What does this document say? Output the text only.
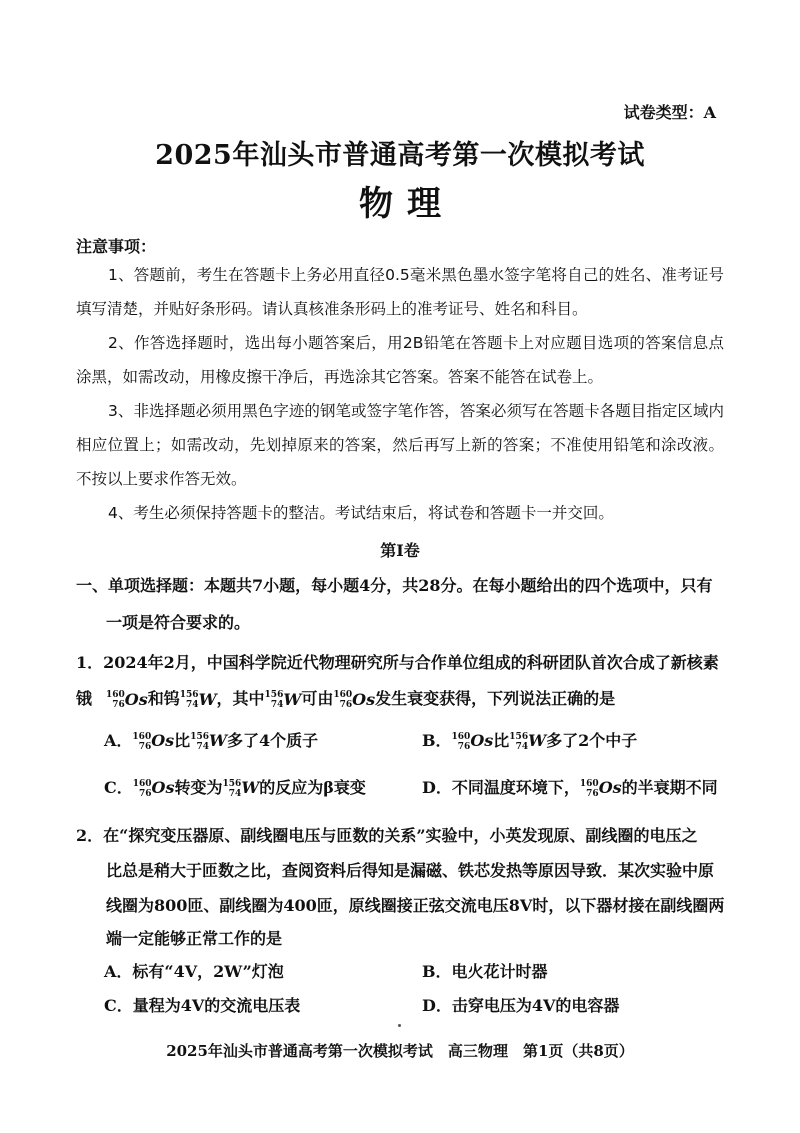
试卷类型：A
2025年汕头市普通高考第一次模拟考试
物理
注意事项：
1、答题前，考生在答题卡上务必用直径0.5毫米黑色墨水签字笔将自己的姓名、准考证号填写清楚，并贴好条形码。请认真核准条形码上的准考证号、姓名和科目。
2、作答选择题时，选出每小题答案后，用2B铅笔在答题卡上对应题目选项的答案信息点涂黑，如需改动，用橡皮擦干净后，再选涂其它答案。答案不能答在试卷上。
3、非选择题必须用黑色字迹的钢笔或签字笔作答，答案必须写在答题卡各题目指定区域内相应位置上；如需改动，先划掉原来的答案，然后再写上新的答案；不准使用铅笔和涂改液。不按以上要求作答无效。
4、考生必须保持答题卡的整洁。考试结束后，将试卷和答题卡一并交回。
第Ⅰ卷
一、单项选择题：本题共7小题，每小题4分，共28分。在每小题给出的四个选项中，只有
一项是符合要求的。
1．2024年2月，中国科学院近代物理研究所与合作单位组成的科研团队首次合成了新核素锇	160
76Os和钨156
74W，其中156
74W可由160
76Os发生衰变获得，下列说法正确的是
A．160
76Os比156
74W多了4个质子	B．160
76Os比156
74W多了2个中子
C．160
76Os转变为156
74W的反应为β衰变	D．不同温度环境下，160
76Os的半衰期不同
2．在“探究变压器原、副线圈电压与匝数的关系”实验中，小英发现原、副线圈的电压之
比总是稍大于匝数之比，查阅资料后得知是漏磁、铁芯发热等原因导致．某次实验中原
线圈为800匝、副线圈为400匝，原线圈接正弦交流电压8V时，以下器材接在副线圈两
端一定能够正常工作的是
A．标有“4V，2W”灯泡	B．电火花计时器
C．量程为4V的交流电压表	D．击穿电压为4V的电容器
2025年汕头市普通高考第一次模拟考试　高三物理　第1页（共8页）
